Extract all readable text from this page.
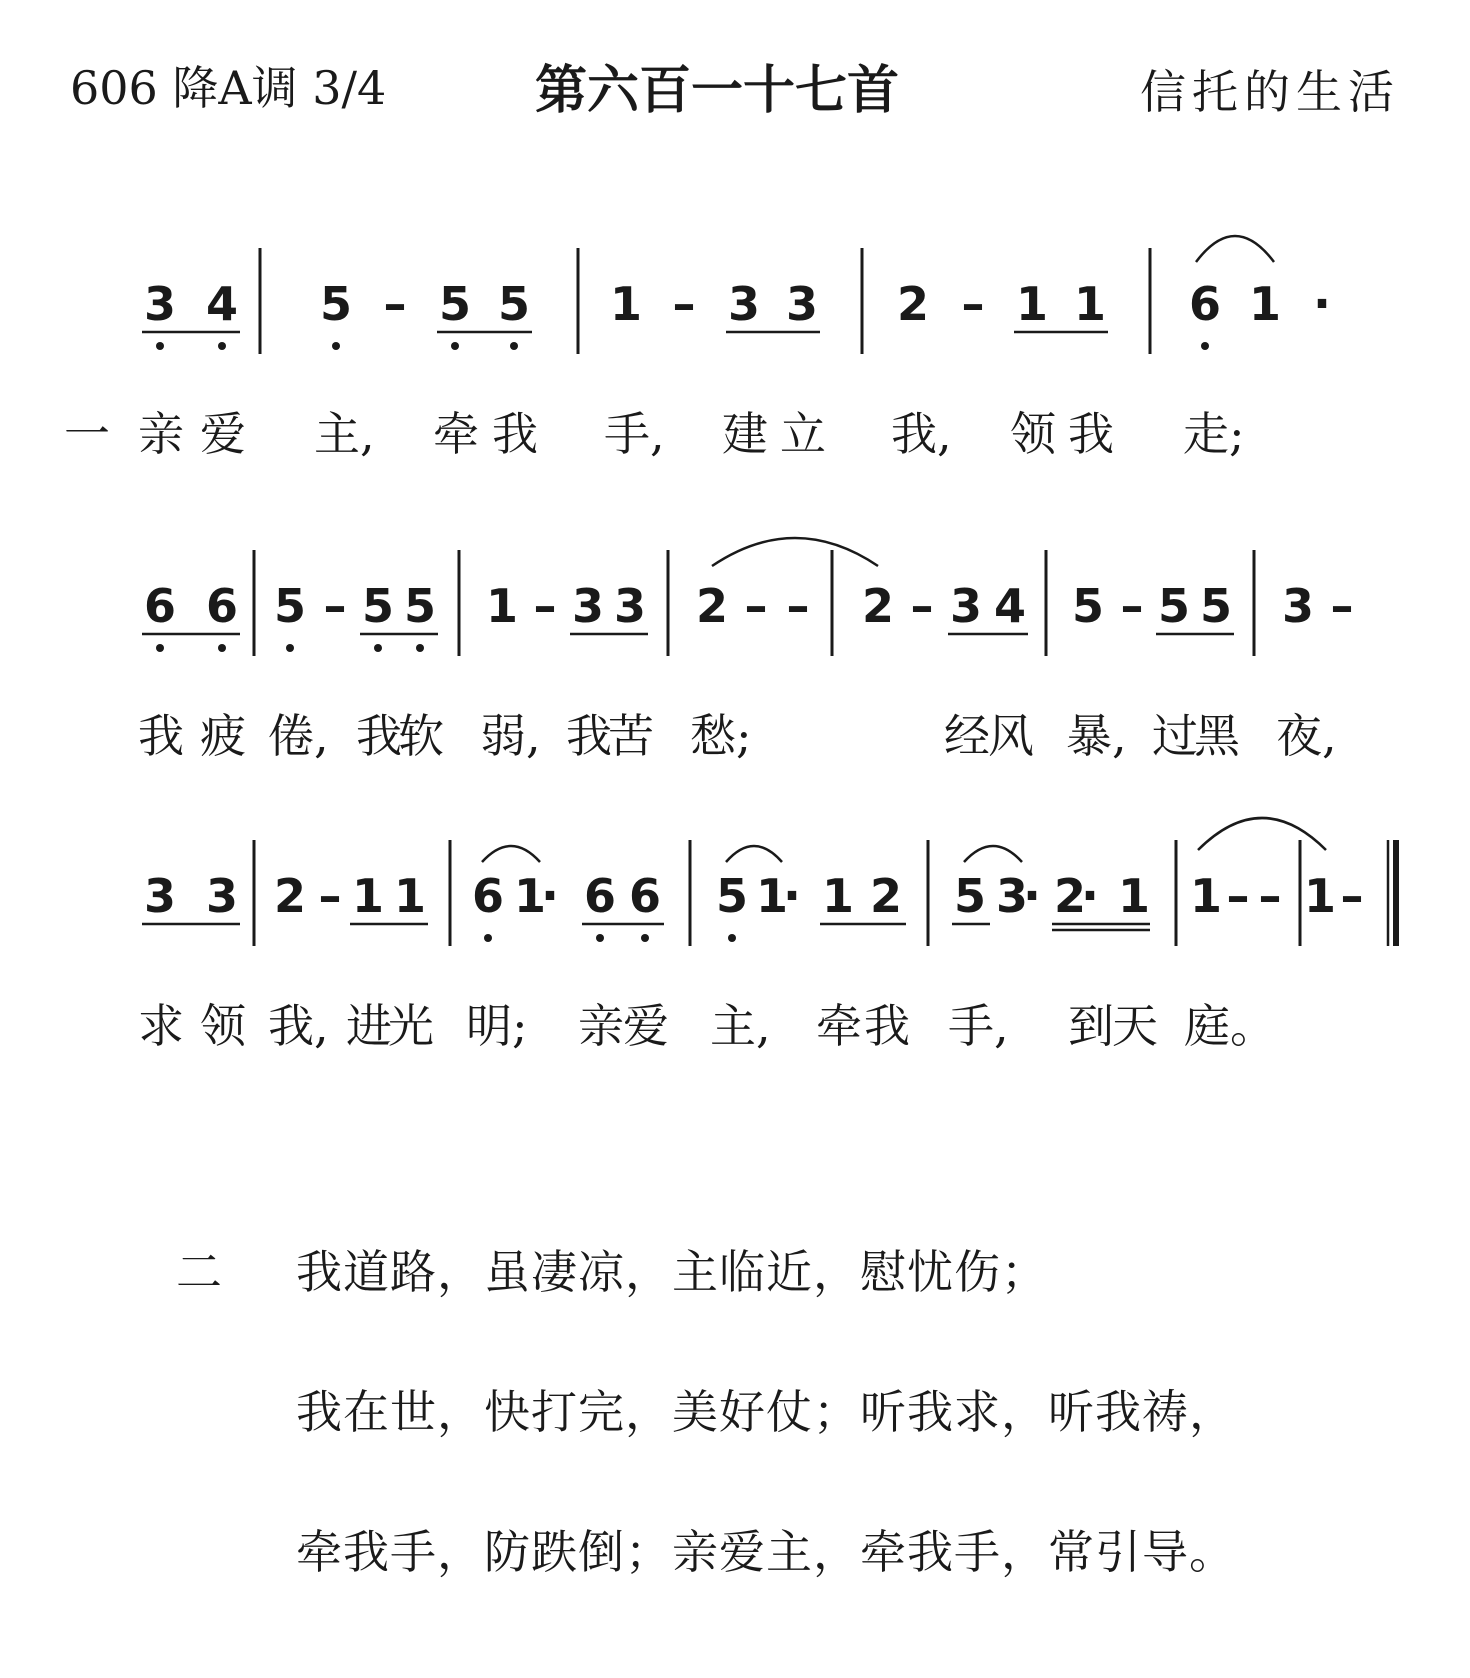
606 降A调 3/4	第六百一十七首	信托的生活
3 4 5 – 5 5 1 – 3 3 2 – 1 1 6 1 ·
一 亲 爱 主, 牵 我 手, 建 立 我, 领 我 走;
6 6 5 – 5 5 1 – 3 3 2 – – 2 – 3 4 5 – 5 5 3 –
我 疲 倦, 我
软 弱, 我
苦 愁;	经
风 暴, 过
黑 夜,
3 3 2 – 1 1 6 1
· 6 6 5 1
· 1 2 5 3
· 2
· 1 1 – – 1 –
求 领 我, 进
光 明; 亲 爱 主, 牵 我 手, 到
天 庭。
二 我道路，虽凄凉，主临近，慰忧伤；
我在世，快打完，美好仗；听我求，听我祷，
牵我手，防跌倒；亲爱主，牵我手，常引导。
